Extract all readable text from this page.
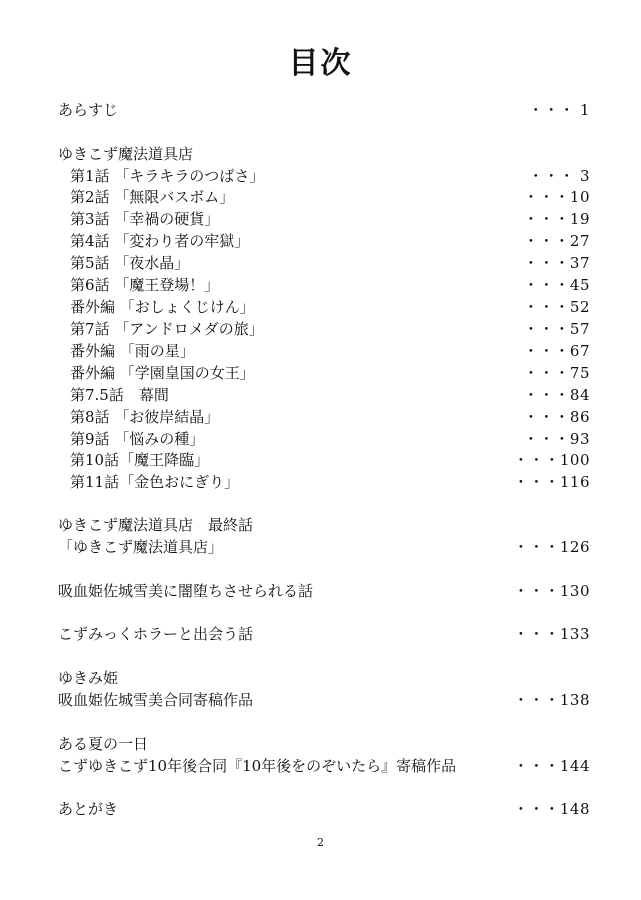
目次
あらすじ	・・・ 1
ゆきこず魔法道具店
第1話 「キラキラのつばさ」	・・・ 3
第2話 「無限バスボム」	・・・10
第3話 「幸禍の硬貨」	・・・19
第4話 「変わり者の牢獄」	・・・27
第5話 「夜水晶」	・・・37
第6話 「魔王登場！」	・・・45
番外編 「おしょくじけん」	・・・52
第7話 「アンドロメダの旅」	・・・57
番外編 「雨の星」	・・・67
番外編 「学園皇国の女王」	・・・75
第7.5話　幕間	・・・84
第8話 「お彼岸結晶」	・・・86
第9話 「悩みの種」	・・・93
第10話「魔王降臨」	・・・100
第11話「金色おにぎり」	・・・116
ゆきこず魔法道具店　最終話
「ゆきこず魔法道具店」	・・・126
吸血姫佐城雪美に闇堕ちさせられる話	・・・130
こずみっくホラーと出会う話	・・・133
ゆきみ姫
吸血姫佐城雪美合同寄稿作品	・・・138
ある夏の一日
こずゆきこず10年後合同『10年後をのぞいたら』寄稿作品	・・・144
あとがき	・・・148
2
